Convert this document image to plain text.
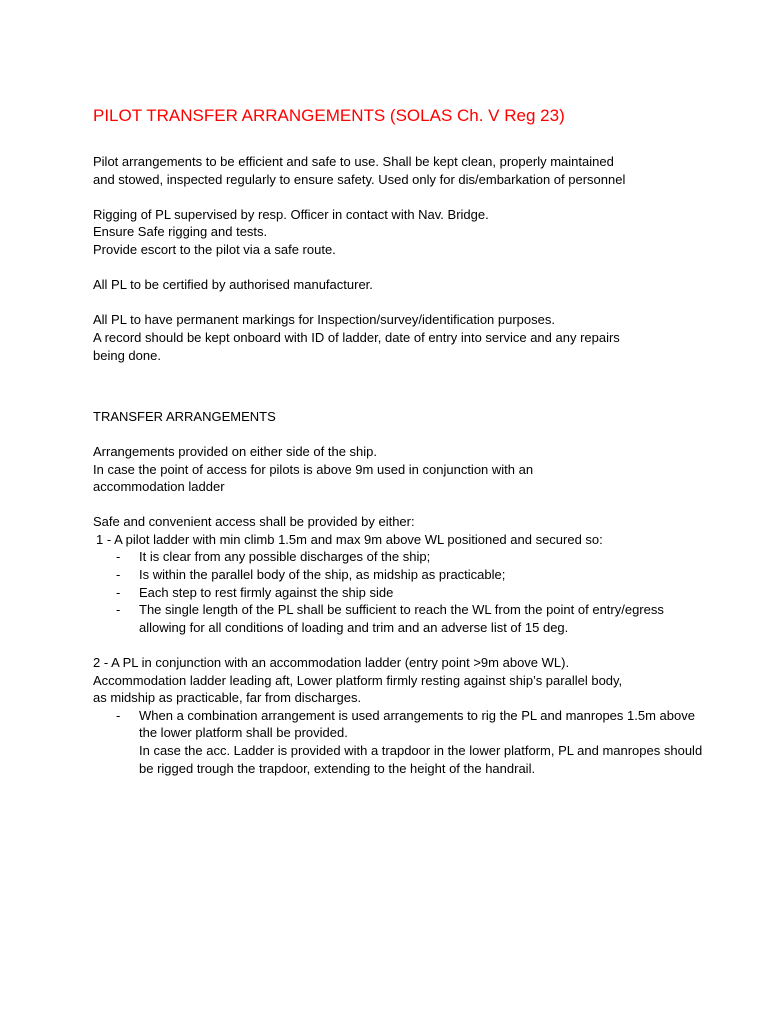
PILOT TRANSFER ARRANGEMENTS (SOLAS Ch. V Reg 23)

Pilot arrangements to be efficient and safe to use. Shall be kept clean, properly maintained

and stowed, inspected regularly to ensure safety. Used only for dis/embarkation of personnel

Rigging of PL supervised by resp. Officer in contact with Nav. Bridge.

Ensure Safe rigging and tests.

Provide escort to the pilot via a safe route.

All PL to be certified by authorised manufacturer.

All PL to have permanent markings for Inspection/survey/identification purposes.

A record should be kept onboard with ID of ladder, date of entry into service and any repairs

being done.

TRANSFER ARRANGEMENTS

Arrangements provided on either side of the ship.

In case the point of access for pilots is above 9m used in conjunction with an

accommodation ladder

Safe and convenient access shall be provided by either:

1 - A pilot ladder with min climb 1.5m and max 9m above WL positioned and secured so:

- It is clear from any possible discharges of the ship;
- Is within the parallel body of the ship, as midship as practicable;
- Each step to rest firmly against the ship side
- The single length of the PL shall be sufficient to reach the WL from the point of entry/egress allowing for all conditions of loading and trim and an adverse list of 15 deg.

2 - A PL in conjunction with an accommodation ladder (entry point >9m above WL).

Accommodation ladder leading aft, Lower platform firmly resting against ship’s parallel body,

as midship as practicable, far from discharges.

- When a combination arrangement is used arrangements to rig the PL and manropes 1.5m above the lower platform shall be provided.
In case the acc. Ladder is provided with a trapdoor in the lower platform, PL and manropes should be rigged trough the trapdoor, extending to the height of the handrail.
